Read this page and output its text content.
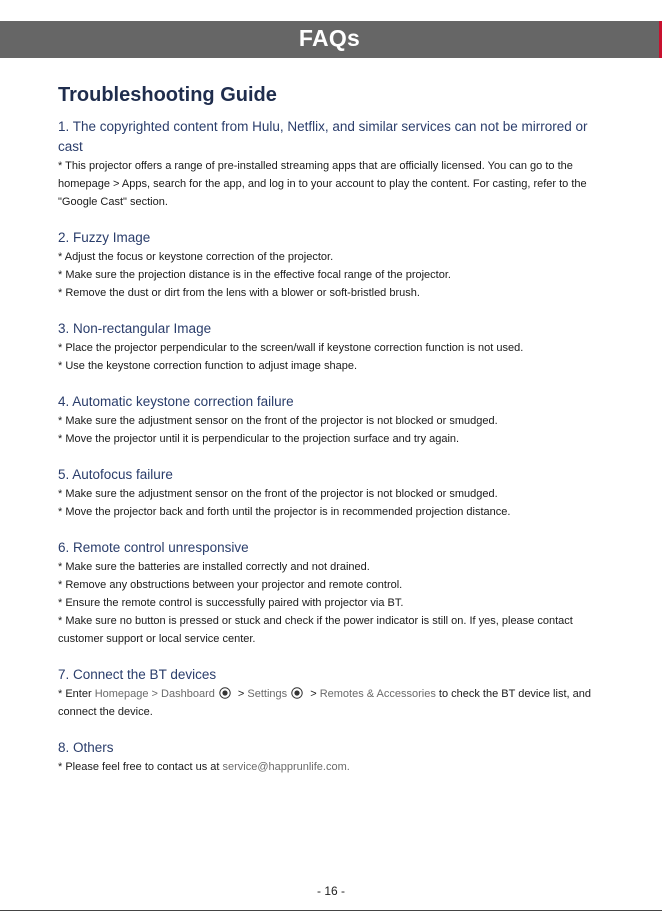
FAQs
Troubleshooting Guide

1. The copyrighted content from Hulu, Netflix, and similar services can not be mirrored or cast

* This projector offers a range of pre-installed streaming apps that are officially licensed. You can go to the homepage > Apps, search for the app, and log in to your account to play the content. For casting, refer to the "Google Cast" section.

2. Fuzzy Image

* Adjust the focus or keystone correction of the projector.

* Make sure the projection distance is in the effective focal range of the projector.

* Remove the dust or dirt from the lens with a blower or soft-bristled brush.

3. Non-rectangular Image

* Place the projector perpendicular to the screen/wall if keystone correction function is not used.

* Use the keystone correction function to adjust image shape.

4. Automatic keystone correction failure

* Make sure the adjustment sensor on the front of the projector is not blocked or smudged.

* Move the projector until it is perpendicular to the projection surface and try again.

5. Autofocus failure

* Make sure the adjustment sensor on the front of the projector is not blocked or smudged.

* Move the projector back and forth until the projector is in recommended projection distance.

6. Remote control unresponsive

* Make sure the batteries are installed correctly and not drained.

* Remove any obstructions between your projector and remote control.

* Ensure the remote control is successfully paired with projector via BT.

* Make sure no button is pressed or stuck and check if the power indicator is still on. If yes, please contact customer support or local service center.

7. Connect the BT devices

* Enter Homepage > Dashboard > Settings > Remotes & Accessories to check the BT device list, and connect the device.

8. Others

* Please feel free to contact us at service@happrunlife.com.

- 16 -
